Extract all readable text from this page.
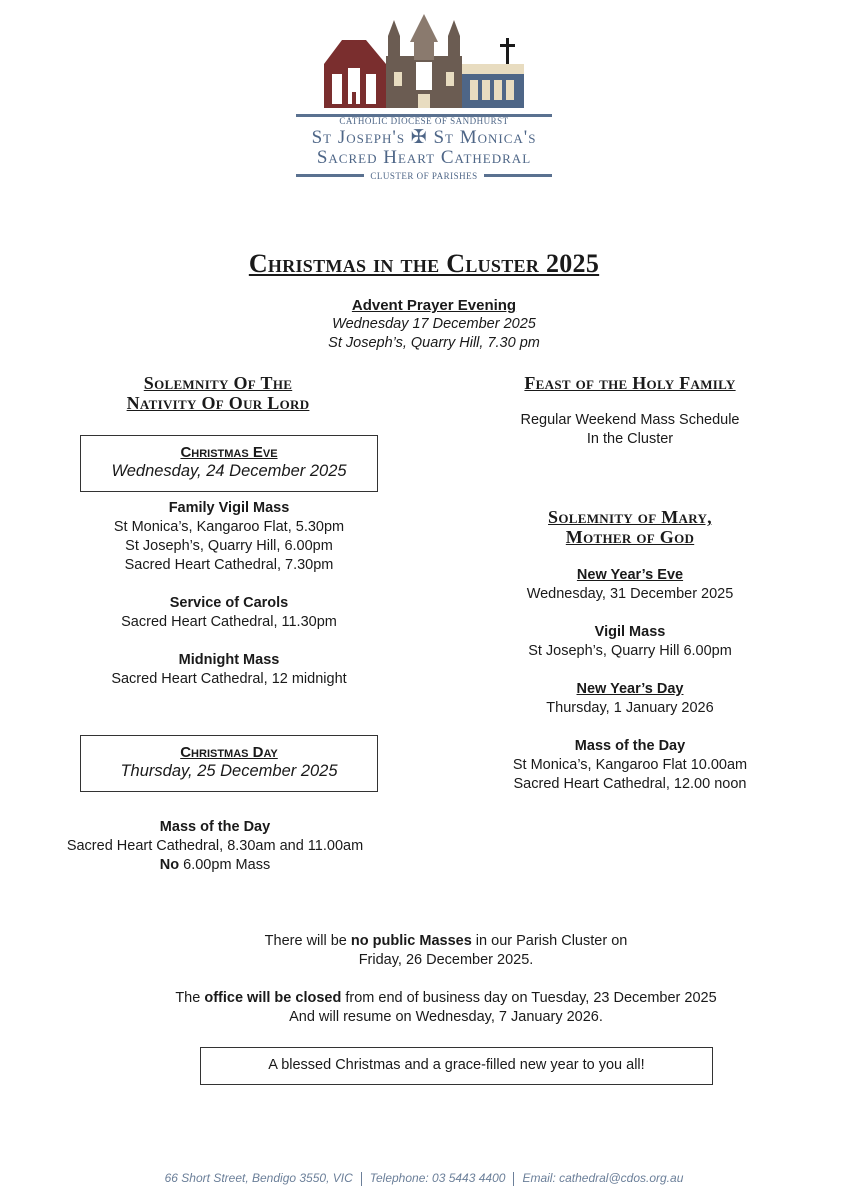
CATHOLIC DIOCESE OF SANDHURST
St Joseph's ✠ St Monica's
Sacred Heart Cathedral
CLUSTER OF PARISHES
Christmas in the Cluster 2025
Advent Prayer Evening
Wednesday 17 December 2025
St Joseph’s, Quarry Hill, 7.30 pm
Solemnity Of The
Nativity Of Our Lord
Christmas Eve
Wednesday, 24 December 2025
Family Vigil Mass
St Monica’s, Kangaroo Flat, 5.30pm
St Joseph’s, Quarry Hill, 6.00pm
Sacred Heart Cathedral, 7.30pm
Service of Carols
Sacred Heart Cathedral, 11.30pm
Midnight Mass
Sacred Heart Cathedral, 12 midnight
Christmas Day
Thursday, 25 December 2025
Mass of the Day
Sacred Heart Cathedral, 8.30am and 11.00am
No 6.00pm Mass
Feast of the Holy Family
Regular Weekend Mass Schedule
In the Cluster
Solemnity of Mary,
Mother of God
New Year’s Eve
Wednesday, 31 December 2025
Vigil Mass
St Joseph’s, Quarry Hill 6.00pm
New Year’s Day
Thursday, 1 January 2026
Mass of the Day
St Monica’s, Kangaroo Flat 10.00am
Sacred Heart Cathedral, 12.00 noon
There will be no public Masses in our Parish Cluster on
Friday, 26 December 2025.
The office will be closed from end of business day on Tuesday, 23 December 2025
And will resume on Wednesday, 7 January 2026.
A blessed Christmas and a grace-filled new year to you all!
66 Short Street, Bendigo 3550, VIC Telephone: 03 5443 4400 Email: cathedral@cdos.org.au
